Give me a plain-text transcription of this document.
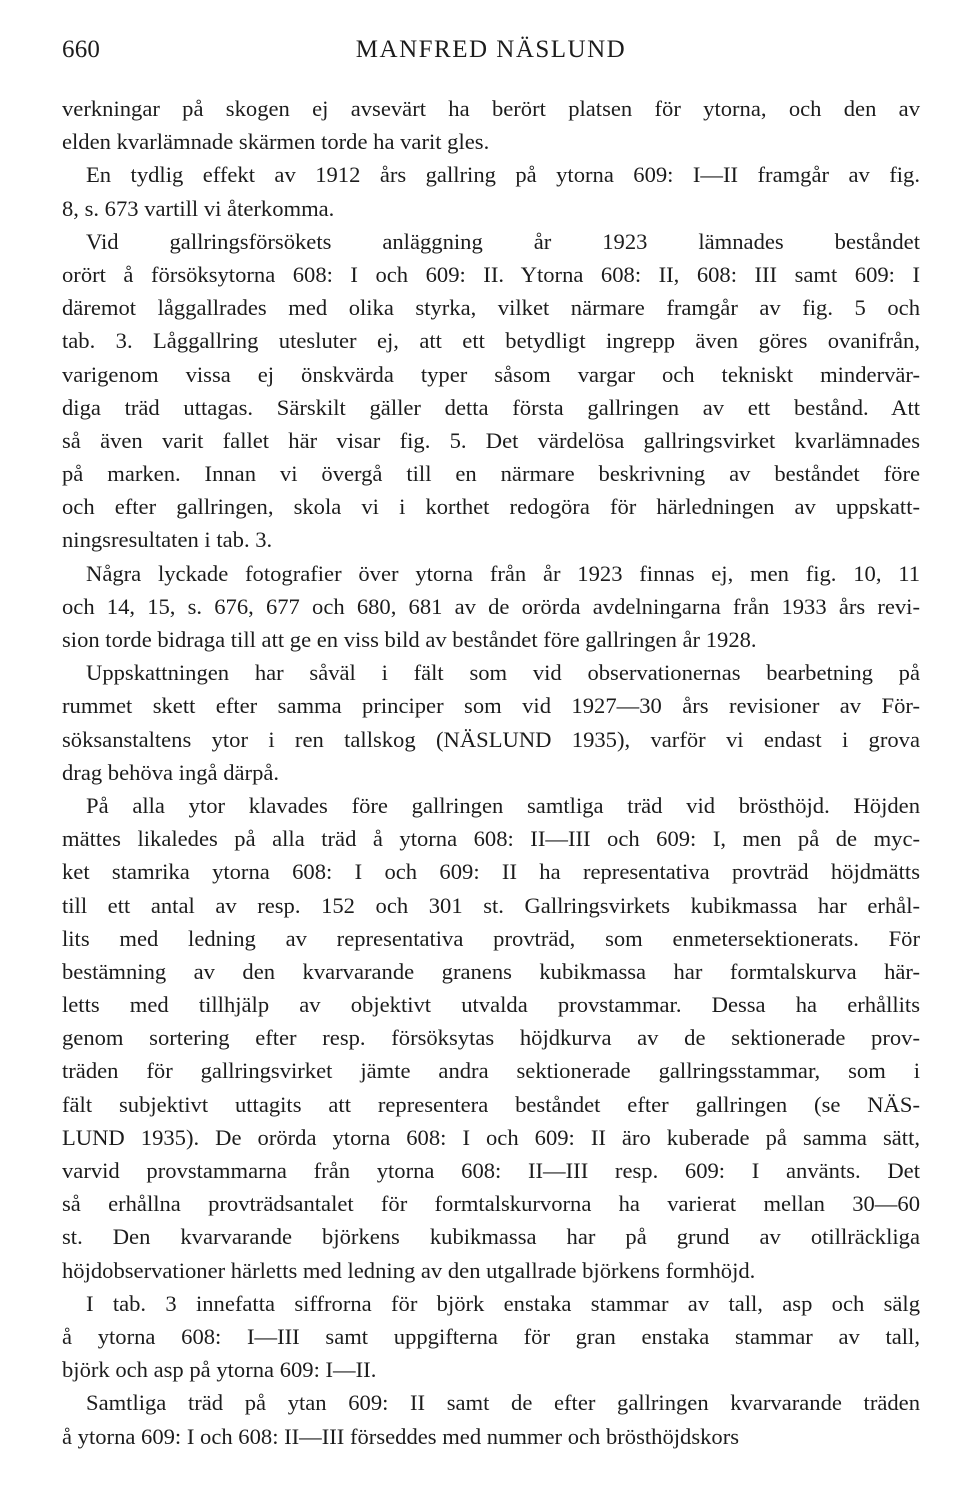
660	MANFRED NÄSLUND
verkningar på skogen ej avsevärt ha berört platsen för ytorna, och den av
elden kvarlämnade skärmen torde ha varit gles.
En tydlig effekt av 1912 års gallring på ytorna 609: I—II framgår av fig.
8, s. 673 vartill vi återkomma.
Vid gallringsförsökets anläggning år 1923 lämnades beståndet
orört å försöksytorna 608: I och 609: II. Ytorna 608: II, 608: III samt 609: I
däremot låggallrades med olika styrka, vilket närmare framgår av fig. 5 och
tab. 3. Låggallring utesluter ej, att ett betydligt ingrepp även göres ovanifrån,
varigenom vissa ej önskvärda typer såsom vargar och tekniskt mindervär-
diga träd uttagas. Särskilt gäller detta första gallringen av ett bestånd. Att
så även varit fallet här visar fig. 5. Det värdelösa gallringsvirket kvarlämnades
på marken. Innan vi övergå till en närmare beskrivning av beståndet före
och efter gallringen, skola vi i korthet redogöra för härledningen av uppskatt-
ningsresultaten i tab. 3.
Några lyckade fotografier över ytorna från år 1923 finnas ej, men fig. 10, 11
och 14, 15, s. 676, 677 och 680, 681 av de orörda avdelningarna från 1933 års revi-
sion torde bidraga till att ge en viss bild av beståndet före gallringen år 1928.
Uppskattningen har såväl i fält som vid observationernas bearbetning på
rummet skett efter samma principer som vid 1927—30 års revisioner av För-
söksanstaltens ytor i ren tallskog (NÄSLUND 1935), varför vi endast i grova
drag behöva ingå därpå.
På alla ytor klavades före gallringen samtliga träd vid brösthöjd. Höjden
mättes likaledes på alla träd å ytorna 608: II—III och 609: I, men på de myc-
ket stamrika ytorna 608: I och 609: II ha representativa provträd höjdmätts
till ett antal av resp. 152 och 301 st. Gallringsvirkets kubikmassa har erhål-
lits med ledning av representativa provträd, som enmetersektionerats. För
bestämning av den kvarvarande granens kubikmassa har formtalskurva här-
letts med tillhjälp av objektivt utvalda provstammar. Dessa ha erhållits
genom sortering efter resp. försöksytas höjdkurva av de sektionerade prov-
träden för gallringsvirket jämte andra sektionerade gallringsstammar, som i
fält subjektivt uttagits att representera beståndet efter gallringen (se NÄS-
LUND 1935). De orörda ytorna 608: I och 609: II äro kuberade på samma sätt,
varvid provstammarna från ytorna 608: II—III resp. 609: I använts. Det
så erhållna provträdsantalet för formtalskurvorna ha varierat mellan 30—60
st. Den kvarvarande björkens kubikmassa har på grund av otillräckliga
höjdobservationer härletts med ledning av den utgallrade björkens formhöjd.
I tab. 3 innefatta siffrorna för björk enstaka stammar av tall, asp och sälg
å ytorna 608: I—III samt uppgifterna för gran enstaka stammar av tall,
björk och asp på ytorna 609: I—II.
Samtliga träd på ytan 609: II samt de efter gallringen kvarvarande träden
å ytorna 609: I och 608: II—III förseddes med nummer och brösthöjdskors
